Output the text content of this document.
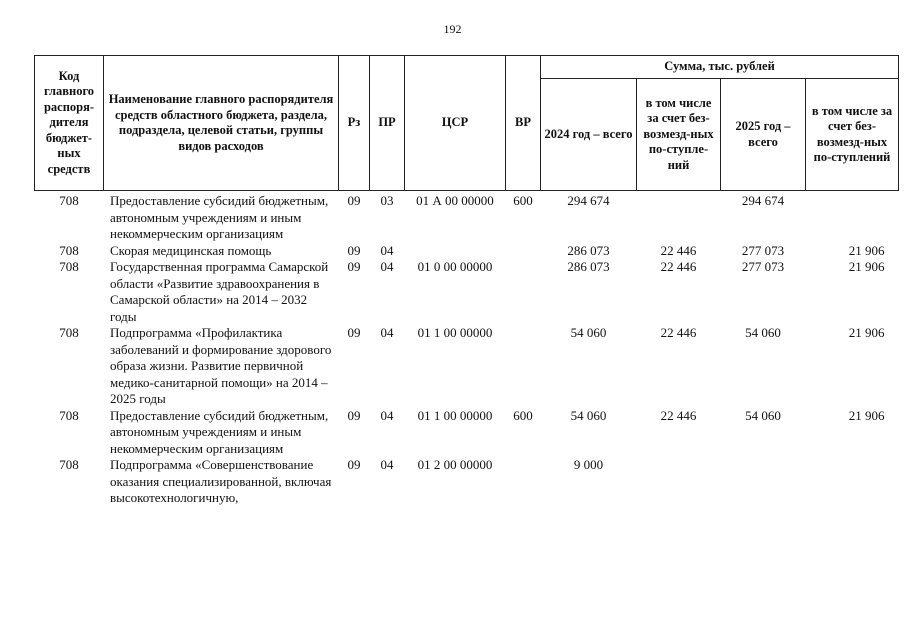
192
Код главного распоря-дителя бюджет-ных средств	Наименование главного распорядителя средств областного бюджета, раздела, подраздела, целевой статьи, группы видов расходов	Рз	ПР	ЦСР	ВР	Сумма, тыс. рублей			
						2024 год – всего	в том числе за счет без-возмезд-ных по-ступле-ний	2025 год – всего	в том числе за счет без-возмезд-ных по-ступлений
708	Предоставление субсидий бюджетным, автономным учреждениям и иным некоммерческим организациям	09	03	01 А 00 00000	600	294 674		294 674	
708	Скорая медицинская помощь	09	04			286 073	22 446	277 073	21 906
708	Государственная программа Самарской области «Развитие здравоохранения в Самарской области» на 2014 – 2032 годы	09	04	01 0 00 00000		286 073	22 446	277 073	21 906
708	Подпрограмма «Профилактика заболеваний и формирование здорового образа жизни. Развитие первичной медико-санитарной помощи» на 2014 – 2025 годы	09	04	01 1 00 00000		54 060	22 446	54 060	21 906
708	Предоставление субсидий бюджетным, автономным учреждениям и иным некоммерческим организациям	09	04	01 1 00 00000	600	54 060	22 446	54 060	21 906
708	Подпрограмма «Совершенствование оказания специализированной, включая высокотехнологичную,	09	04	01 2 00 00000		9 000			
